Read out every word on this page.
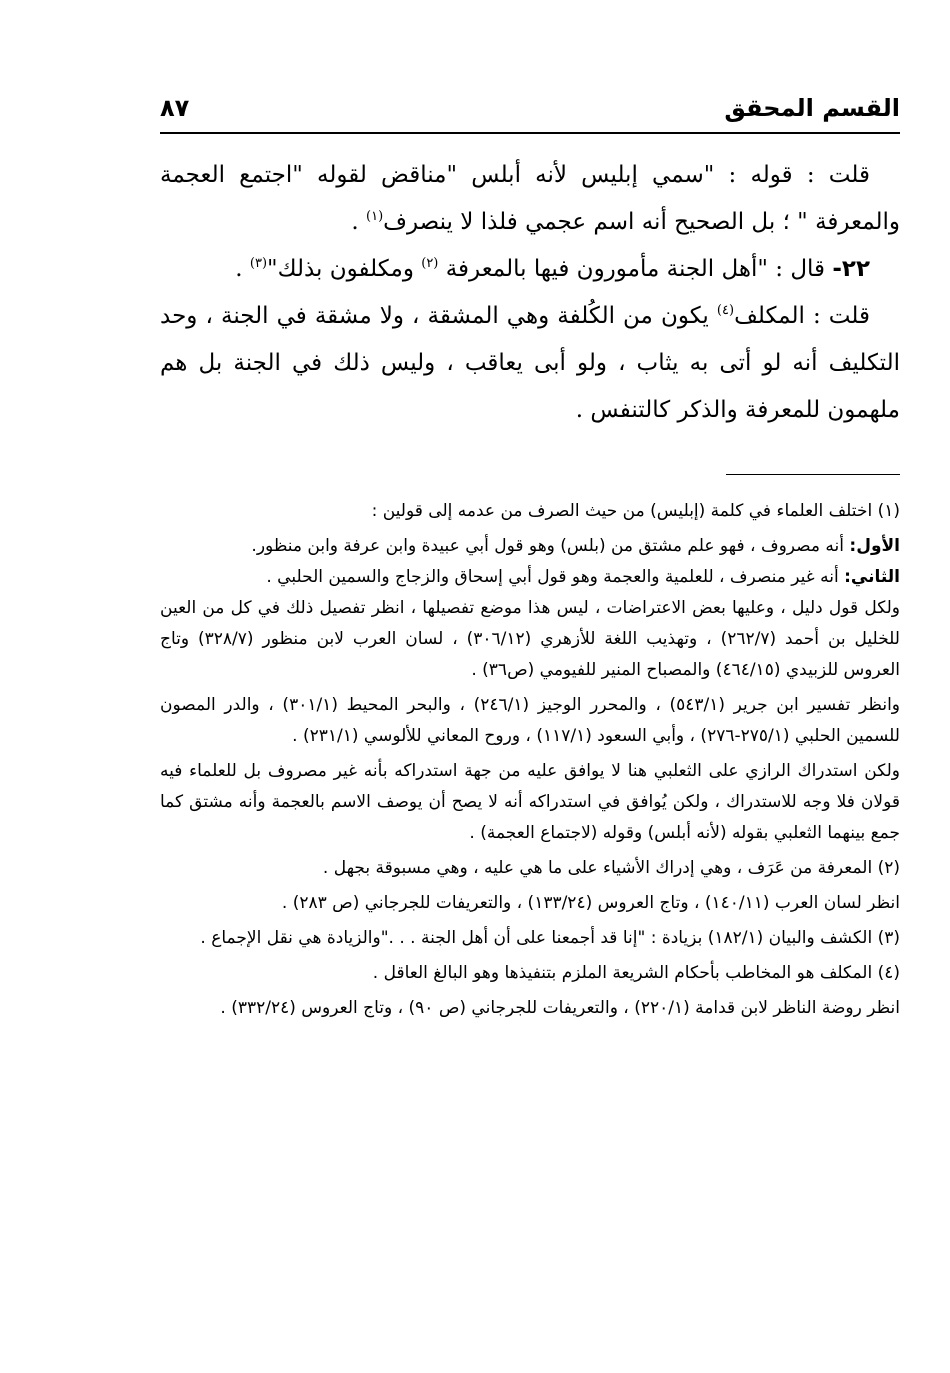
القسم المحقق
٨٧

قلت : قوله : "سمي إبليس لأنه أبلس "مناقض لقوله "اجتمع العجمة والمعرفة " ؛ بل الصحيح أنه اسم عجمي فلذا لا ينصرف$^{(١)}$ .

٢٢- قال : "أهل الجنة مأمورون فيها بالمعرفة $^{(٢)}$ ومكلفون بذلك"$^{(٣)}$ .

قلت : المكلف$^{(٤)}$ يكون من الكُلفة وهي المشقة ، ولا مشقة في الجنة ، وحد التكليف أنه لو أتى به يثاب ، ولو أبى يعاقب ، وليس ذلك في الجنة بل هم ملهمون للمعرفة والذكر كالتنفس .

(١) اختلف العلماء في كلمة (إبليس) من حيث الصرف من عدمه إلى قولين :

الأول: أنه مصروف ، فهو علم مشتق من (بلس) وهو قول أبي عبيدة وابن عرفة وابن منظور.
الثاني: أنه غير منصرف ، للعلمية والعجمة وهو قول أبي إسحاق والزجاج والسمين الحلبي .
ولكل قول دليل ، وعليها بعض الاعتراضات ، ليس هذا موضع تفصيلها ، انظر تفصيل ذلك في كل من العين للخليل بن أحمد (٢٦٢/٧) ، وتهذيب اللغة للأزهري (٣٠٦/١٢) ، لسان العرب لابن منظور (٣٢٨/٧) وتاج العروس للزبيدي (٤٦٤/١٥) والمصباح المنير للفيومي (ص٣٦) .

وانظر تفسير ابن جرير (٥٤٣/١) ، والمحرر الوجيز (٢٤٦/١) ، والبحر المحيط (٣٠١/١) ، والدر المصون للسمين الحلبي (٢٧٥/١-٢٧٦) ، وأبي السعود (١١٧/١) ، وروح المعاني للألوسي (٢٣١/١) .

ولكن استدراك الرازي على الثعلبي هنا لا يوافق عليه من جهة استدراكه بأنه غير مصروف بل للعلماء فيه قولان فلا وجه للاستدراك ، ولكن يُوافق في استدراكه أنه لا يصح أن يوصف الاسم بالعجمة وأنه مشتق كما جمع بينهما الثعلبي بقوله (لأنه أبلس) وقوله (لاجتماع العجمة) .

(٢) المعرفة من عَرَف ، وهي إدراك الأشياء على ما هي عليه ، وهي مسبوقة بجهل .

انظر لسان العرب (١٤٠/١١) ، وتاج العروس (١٣٣/٢٤) ، والتعريفات للجرجاني (ص ٢٨٣) .

(٣) الكشف والبيان (١٨٢/١) بزيادة : "إنا قد أجمعنا على أن أهل الجنة . . ."والزيادة هي نقل الإجماع .

(٤) المكلف هو المخاطب بأحكام الشريعة الملزم بتنفيذها وهو البالغ العاقل .

انظر روضة الناظر لابن قدامة (٢٢٠/١) ، والتعريفات للجرجاني (ص ٩٠) ، وتاج العروس (٣٣٢/٢٤) .
